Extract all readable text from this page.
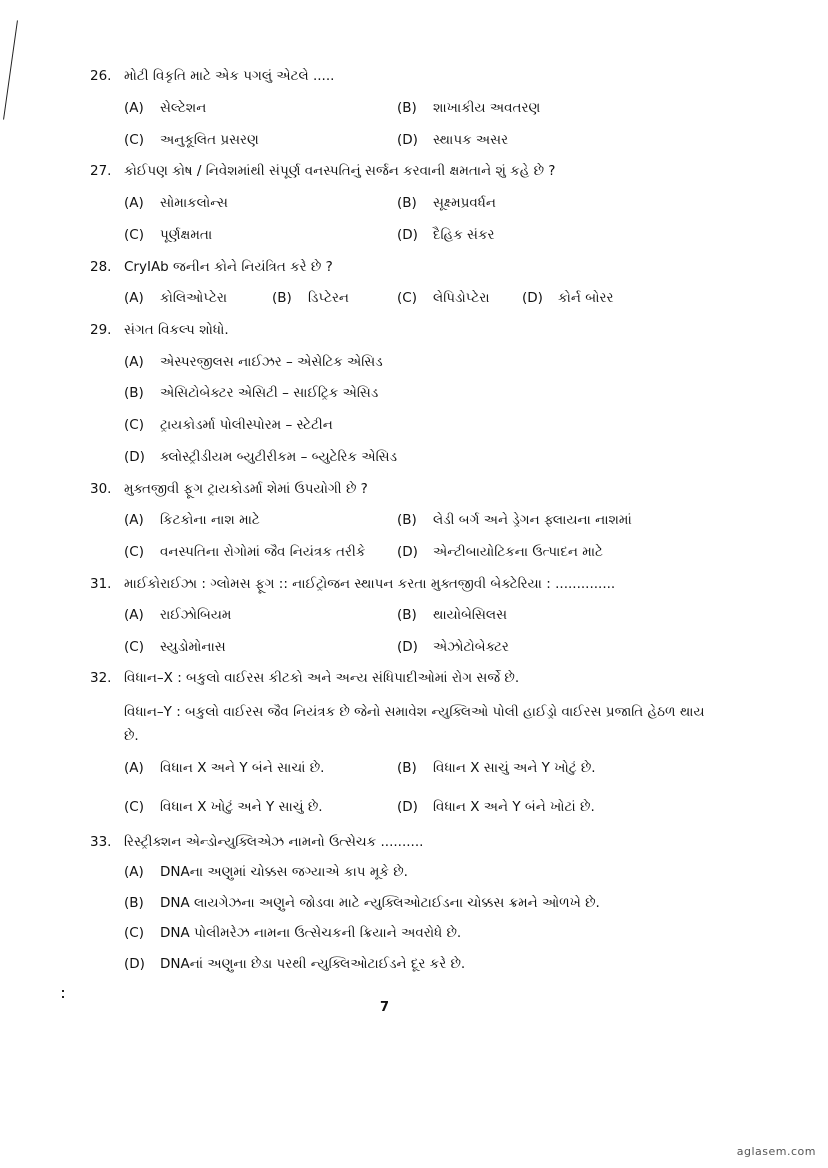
26. મોટી વિકૃતિ માટે એક પગલું એટલે .....
(A) સેલ્ટેશન	(B) શાખાકીય અવતરણ
(C) અનુકૂલિત પ્રસરણ	(D) સ્થાપક અસર
27. કોઈપણ કોષ / નિવેશમાંથી સંપૂર્ણ વનસ્પતિનું સર્જન કરવાની ક્ષમતાને શું કહે છે ?
(A) સોમાકલોન્સ	(B) સૂક્ષ્મપ્રવર્ધન
(C) પૂર્ણક્ષમતા	(D) દૈહિક સંકર
28. CryIAb જનીન કોને નિયંત્રિત કરે છે ?
(A) કોલિઓપ્ટેરા	(B) ડિપ્ટેરન	(C) લેપિડોપ્ટેરા (D) કોર્ન બોરર
29. સંગત વિકલ્પ શોધો.
(A) એસ્પરજીલસ નાઈઝર – એસેટિક એસિડ
(B) એસિટોબેક્ટર એસિટી – સાઈટ્રિક એસિડ
(C) ટ્રાયકોડર્મા પોલીસ્પોરમ – સ્ટેટીન
(D) ક્લોસ્ટ્રીડીયમ બ્યુટીરીકમ – બ્યુટેરિક એસિડ
30. મુક્તજીવી ફૂગ ટ્રાયકોડર્મા શેમાં ઉપયોગી છે ?
(A) કિટકોના નાશ માટે	(B) લેડી બર્ગ અને ડ્રેગન ફ્લાયના નાશમાં
(C) વનસ્પતિના રોગોમાં જૈવ નિયંત્રક તરીકે (D) એન્ટીબાયોટિકના ઉત્પાદન માટે
31. માઈકોરાઈઝા : ગ્લોમસ ફૂગ :: નાઈટ્રોજન સ્થાપન કરતા મુક્તજીવી બેક્ટેરિયા : ..............
(A) રાઈઝોબિયમ	(B) થાયોબેસિલસ
(C) સ્યુડોમોનાસ	(D) એઝોટોબેક્ટર
32. વિધાન–X : બકુલો વાઈરસ કીટકો અને અન્ય સંધિપાદીઓમાં રોગ સર્જે છે.
વિધાન–Y : બકુલો વાઈરસ જૈવ નિયંત્રક છે જેનો સમાવેશ ન્યુક્લિઓ પોલી હાઈડ્રો વાઈરસ પ્રજાતિ હેઠળ થાય છે.
(A) વિધાન X અને Y બંને સાચાં છે.	(B) વિધાન X સાચું અને Y ખોટું છે.
(C) વિધાન X ખોટું અને Y સાચું છે.	(D) વિધાન X અને Y બંને ખોટાં છે.
33. રિસ્ટ્રીક્શન એન્ડોન્યુક્લિએઝ નામનો ઉત્સેચક ..........
(A) DNAના અણુમાં ચોક્કસ જગ્યાએ કાપ મૂકે છે.
(B) DNA લાયગેઝના અણુને જોડવા માટે ન્યુક્લિઓટાઈડના ચોક્કસ ક્રમને ઓળખે છે.
(C) DNA પોલીમરેઝ નામના ઉત્સેચકની ક્રિયાને અવરોધે છે.
(D) DNAનાં અણુના છેડા પરથી ન્યુક્લિઓટાઈડને દૂર કરે છે.
7
aglasem.com
